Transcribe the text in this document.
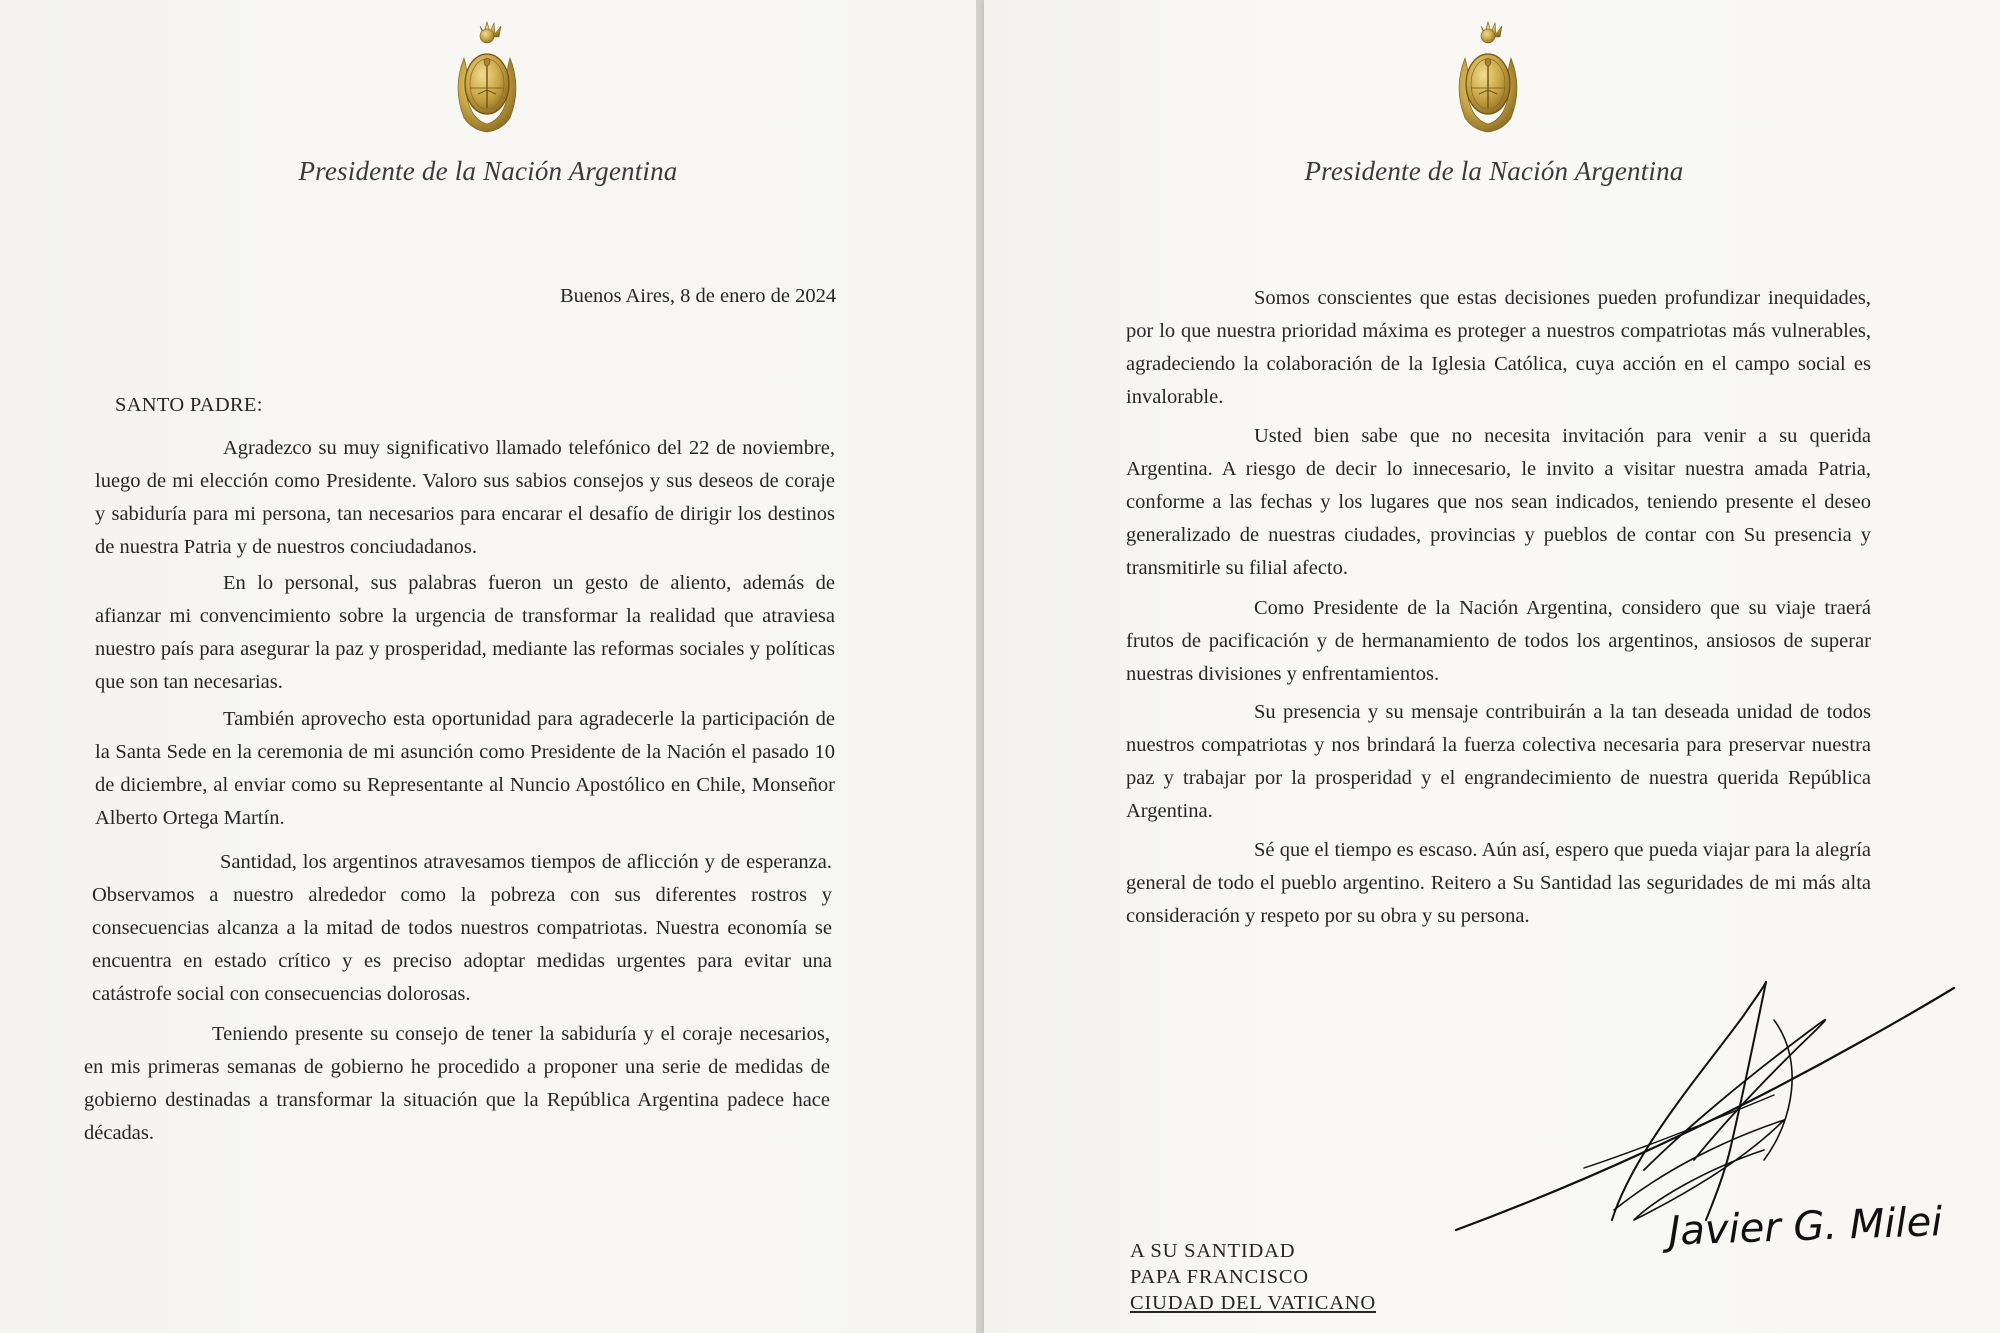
Presidente de la Nación Argentina
Buenos Aires, 8 de enero de 2024
SANTO PADRE:

Agradezco su muy significativo llamado telefónico del 22 de noviembre, luego de mi elección como Presidente. Valoro sus sabios consejos y sus deseos de coraje y sabiduría para mi persona, tan necesarios para encarar el desafío de dirigir los destinos de nuestra Patria y de nuestros conciudadanos.

En lo personal, sus palabras fueron un gesto de aliento, además de afianzar mi convencimiento sobre la urgencia de transformar la realidad que atraviesa nuestro país para asegurar la paz y prosperidad, mediante las reformas sociales y políticas que son tan necesarias.

También aprovecho esta oportunidad para agradecerle la participación de la Santa Sede en la ceremonia de mi asunción como Presidente de la Nación el pasado 10 de diciembre, al enviar como su Representante al Nuncio Apostólico en Chile, Monseñor Alberto Ortega Martín.

Santidad, los argentinos atravesamos tiempos de aflicción y de esperanza. Observamos a nuestro alrededor como la pobreza con sus diferentes rostros y consecuencias alcanza a la mitad de todos nuestros compatriotas. Nuestra economía se encuentra en estado crítico y es preciso adoptar medidas urgentes para evitar una catástrofe social con consecuencias dolorosas.

Teniendo presente su consejo de tener la sabiduría y el coraje necesarios, en mis primeras semanas de gobierno he procedido a proponer una serie de medidas de gobierno destinadas a transformar la situación que la República Argentina padece hace décadas.

Presidente de la Nación Argentina

Somos conscientes que estas decisiones pueden profundizar inequidades, por lo que nuestra prioridad máxima es proteger a nuestros compatriotas más vulnerables, agradeciendo la colaboración de la Iglesia Católica, cuya acción en el campo social es invalorable.

Usted bien sabe que no necesita invitación para venir a su querida Argentina. A riesgo de decir lo innecesario, le invito a visitar nuestra amada Patria, conforme a las fechas y los lugares que nos sean indicados, teniendo presente el deseo generalizado de nuestras ciudades, provincias y pueblos de contar con Su presencia y transmitirle su filial afecto.

Como Presidente de la Nación Argentina, considero que su viaje traerá frutos de pacificación y de hermanamiento de todos los argentinos, ansiosos de superar nuestras divisiones y enfrentamientos.

Su presencia y su mensaje contribuirán a la tan deseada unidad de todos nuestros compatriotas y nos brindará la fuerza colectiva necesaria para preservar nuestra paz y trabajar por la prosperidad y el engrandecimiento de nuestra querida República Argentina.

Sé que el tiempo es escaso. Aún así, espero que pueda viajar para la alegría general de todo el pueblo argentino. Reitero a Su Santidad las seguridades de mi más alta consideración y respeto por su obra y su persona.

Javier G. Milei
A SU SANTIDAD
PAPA FRANCISCO
CIUDAD DEL VATICANO
